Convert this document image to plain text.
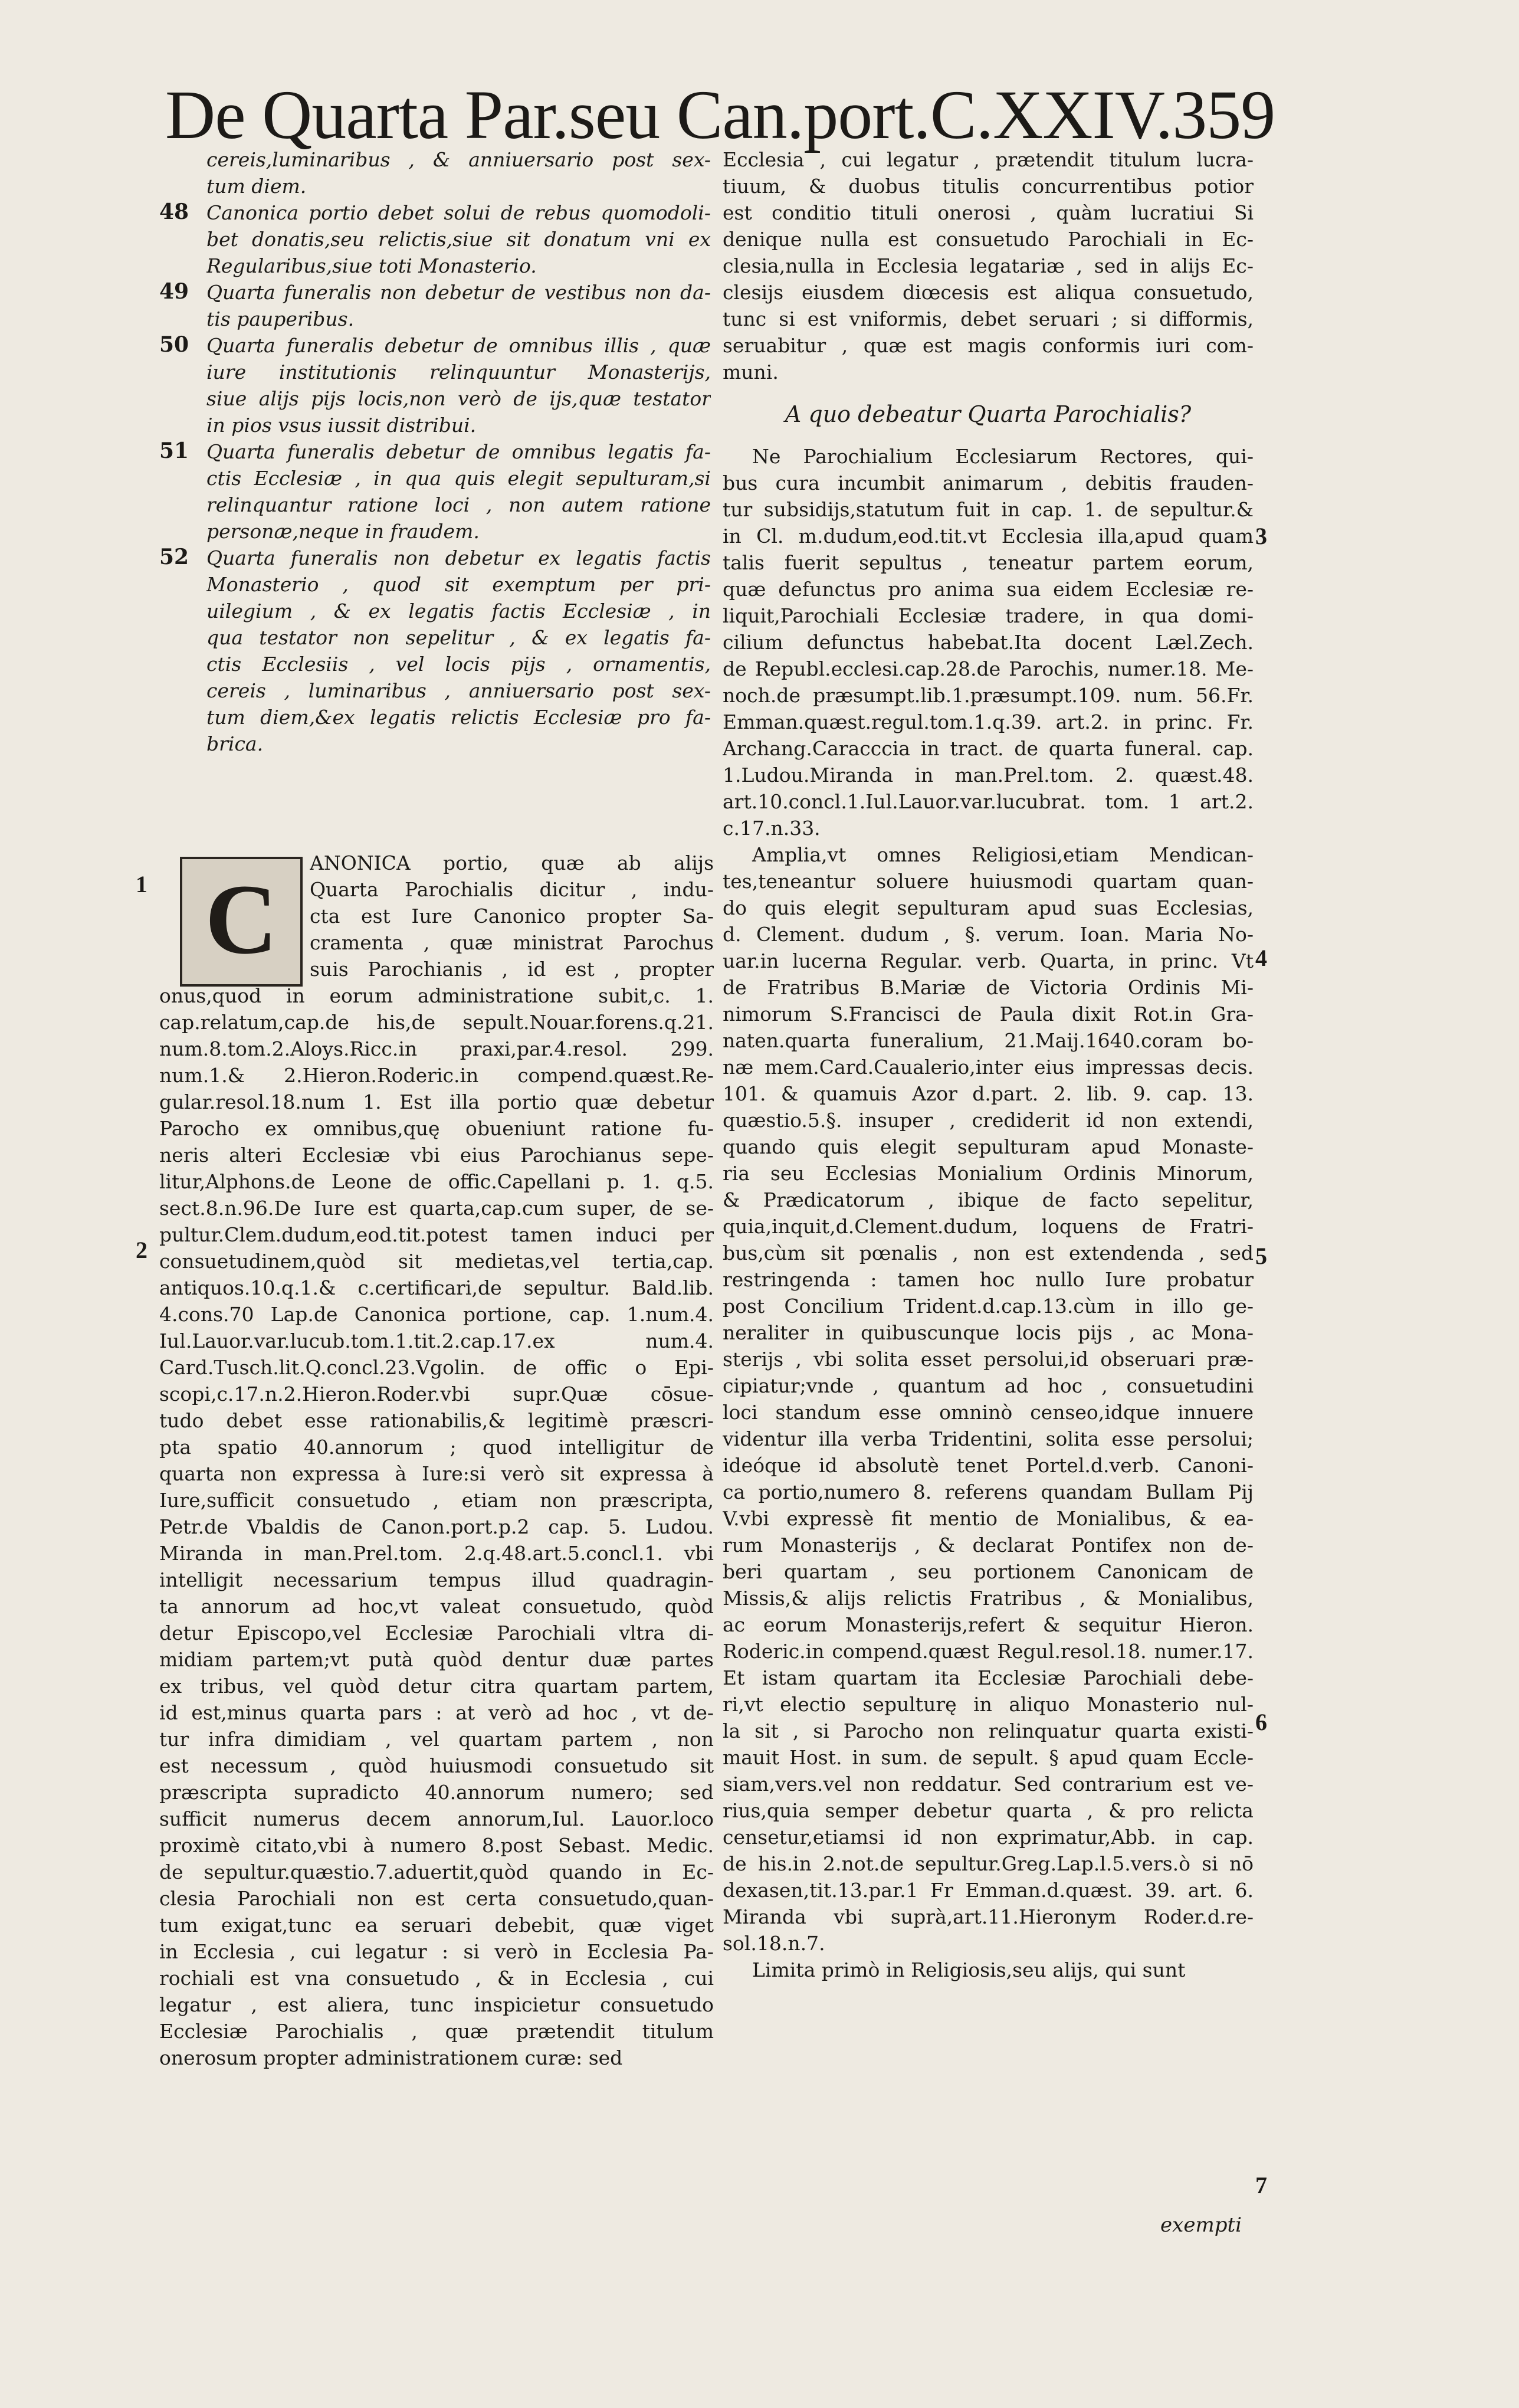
De Quarta Par.seu Can.port.C.XXIV.359
cereis,luminaribus , & anniuersario post sex-
tum diem.
48 Canonica portio debet solui de rebus quomodoli-
bet donatis,seu relictis,siue sit donatum vni ex
Regularibus,siue toti Monasterio.
49 Quarta funeralis non debetur de vestibus non da-
tis pauperibus.
50 Quarta funeralis debetur de omnibus illis , quæ
iure institutionis relinquuntur Monasterijs,
siue alijs pijs locis,non verò de ijs,quæ testator
in pios vsus iussit distribui.
51 Quarta funeralis debetur de omnibus legatis fa-
ctis Ecclesiæ , in qua quis elegit sepulturam,si
relinquantur ratione loci , non autem ratione
personæ,neque in fraudem.
52 Quarta funeralis non debetur ex legatis factis
Monasterio , quod sit exemptum per pri-
uilegium , & ex legatis factis Ecclesiæ , in
qua testator non sepelitur , & ex legatis fa-
ctis Ecclesiis , vel locis pijs , ornamentis,
cereis , luminaribus , anniuersario post sex-
tum diem,&ex legatis relictis Ecclesiæ pro fa-
brica.
C
ANONICA portio, quæ ab alijs
Quarta Parochialis dicitur , indu-
cta est Iure Canonico propter Sa-
cramenta , quæ ministrat Parochus
suis Parochianis , id est , propter
onus,quod in eorum administratione subit,c. 1.
cap.relatum,cap.de his,de sepult.Nouar.forens.q.21.
num.8.tom.2.Aloys.Ricc.in praxi,par.4.resol. 299.
num.1.& 2.Hieron.Roderic.in compend.quæst.Re-
gular.resol.18.num 1. Est illa portio quæ debetur
Parocho ex omnibus,quę obueniunt ratione fu-
neris alteri Ecclesiæ vbi eius Parochianus sepe-
litur,Alphons.de Leone de offic.Capellani p. 1. q.5.
sect.8.n.96.De Iure est quarta,cap.cum super, de se-
pultur.Clem.dudum,eod.tit.potest tamen induci per
consuetudinem,quòd sit medietas,vel tertia,cap.
antiquos.10.q.1.& c.certificari,de sepultur. Bald.lib.
4.cons.70 Lap.de Canonica portione, cap. 1.num.4.
Iul.Lauor.var.lucub.tom.1.tit.2.cap.17.ex num.4.
Card.Tusch.lit.Q.concl.23.Vgolin. de offic o Epi-
scopi,c.17.n.2.Hieron.Roder.vbi supr.Quæ cōsue-
tudo debet esse rationabilis,& legitimè præscri-
pta spatio 40.annorum ; quod intelligitur de
quarta non expressa à Iure:si verò sit expressa à
Iure,sufficit consuetudo , etiam non præscripta,
Petr.de Vbaldis de Canon.port.p.2 cap. 5. Ludou.
Miranda in man.Prel.tom. 2.q.48.art.5.concl.1. vbi
intelligit necessarium tempus illud quadragin-
ta annorum ad hoc,vt valeat consuetudo, quòd
detur Episcopo,vel Ecclesiæ Parochiali vltra di-
midiam partem;vt putà quòd dentur duæ partes
ex tribus, vel quòd detur citra quartam partem,
id est,minus quarta pars : at verò ad hoc , vt de-
tur infra dimidiam , vel quartam partem , non
est necessum , quòd huiusmodi consuetudo sit
præscripta supradicto 40.annorum numero; sed
sufficit numerus decem annorum,Iul. Lauor.loco
proximè citato,vbi à numero 8.post Sebast. Medic.
de sepultur.quæstio.7.aduertit,quòd quando in Ec-
clesia Parochiali non est certa consuetudo,quan-
tum exigat,tunc ea seruari debebit, quæ viget
in Ecclesia , cui legatur : si verò in Ecclesia Pa-
rochiali est vna consuetudo , & in Ecclesia , cui
legatur , est aliera, tunc inspicietur consuetudo
Ecclesiæ Parochialis , quæ prætendit titulum
onerosum propter administrationem curæ: sed
Ecclesia , cui legatur , prætendit titulum lucra-
tiuum, & duobus titulis concurrentibus potior
est conditio tituli onerosi , quàm lucratiui Si
denique nulla est consuetudo Parochiali in Ec-
clesia,nulla in Ecclesia legatariæ , sed in alijs Ec-
clesijs eiusdem diœcesis est aliqua consuetudo,
tunc si est vniformis, debet seruari ; si difformis,
seruabitur , quæ est magis conformis iuri com-
muni.
A quo debeatur Quarta Parochialis?
Ne Parochialium Ecclesiarum Rectores, qui-
bus cura incumbit animarum , debitis frauden-
tur subsidijs,statutum fuit in cap. 1. de sepultur.&
in Cl. m.dudum,eod.tit.vt Ecclesia illa,apud quam
talis fuerit sepultus , teneatur partem eorum,
quæ defunctus pro anima sua eidem Ecclesiæ re-
liquit,Parochiali Ecclesiæ tradere, in qua domi-
cilium defunctus habebat.Ita docent Læl.Zech.
de Republ.ecclesi.cap.28.de Parochis, numer.18. Me-
noch.de præsumpt.lib.1.præsumpt.109. num. 56.Fr.
Emman.quæst.regul.tom.1.q.39. art.2. in princ. Fr.
Archang.Caracccia in tract. de quarta funeral. cap.
1.Ludou.Miranda in man.Prel.tom. 2. quæst.48.
art.10.concl.1.Iul.Lauor.var.lucubrat. tom. 1 art.2.
c.17.n.33.
Amplia,vt omnes Religiosi,etiam Mendican-
tes,teneantur soluere huiusmodi quartam quan-
do quis elegit sepulturam apud suas Ecclesias,
d. Clement. dudum , §. verum. Ioan. Maria No-
uar.in lucerna Regular. verb. Quarta, in princ. Vt
de Fratribus B.Mariæ de Victoria Ordinis Mi-
nimorum S.Francisci de Paula dixit Rot.in Gra-
naten.quarta funeralium, 21.Maij.1640.coram bo-
næ mem.Card.Caualerio,inter eius impressas decis.
101. & quamuis Azor d.part. 2. lib. 9. cap. 13.
quæstio.5.§. insuper , crediderit id non extendi,
quando quis elegit sepulturam apud Monaste-
ria seu Ecclesias Monialium Ordinis Minorum,
& Prædicatorum , ibique de facto sepelitur,
quia,inquit,d.Clement.dudum, loquens de Fratri-
bus,cùm sit pœnalis , non est extendenda , sed
restringenda : tamen hoc nullo Iure probatur
post Concilium Trident.d.cap.13.cùm in illo ge-
neraliter in quibuscunque locis pijs , ac Mona-
sterijs , vbi solita esset persolui,id obseruari præ-
cipiatur;vnde , quantum ad hoc , consuetudini
loci standum esse omninò censeo,idque innuere
videntur illa verba Tridentini, solita esse persolui;
ideóque id absolutè tenet Portel.d.verb. Canoni-
ca portio,numero 8. referens quandam Bullam Pij
V.vbi expressè fit mentio de Monialibus, & ea-
rum Monasterijs , & declarat Pontifex non de-
beri quartam , seu portionem Canonicam de
Missis,& alijs relictis Fratribus , & Monialibus,
ac eorum Monasterijs,refert & sequitur Hieron.
Roderic.in compend.quæst Regul.resol.18. numer.17.
Et istam quartam ita Ecclesiæ Parochiali debe-
ri,vt electio sepulturę in aliquo Monasterio nul-
la sit , si Parocho non relinquatur quarta existi-
mauit Host. in sum. de sepult. § apud quam Eccle-
siam,vers.vel non reddatur. Sed contrarium est ve-
rius,quia semper debetur quarta , & pro relicta
censetur,etiamsi id non exprimatur,Abb. in cap.
de his.in 2.not.de sepultur.Greg.Lap.l.5.vers.ò si nō
dexasen,tit.13.par.1 Fr Emman.d.quæst. 39. art. 6.
Miranda vbi suprà,art.11.Hieronym Roder.d.re-
sol.18.n.7.
Limita primò in Religiosis,seu alijs, qui sunt
exempti
1
2
3
4
5
6
7
